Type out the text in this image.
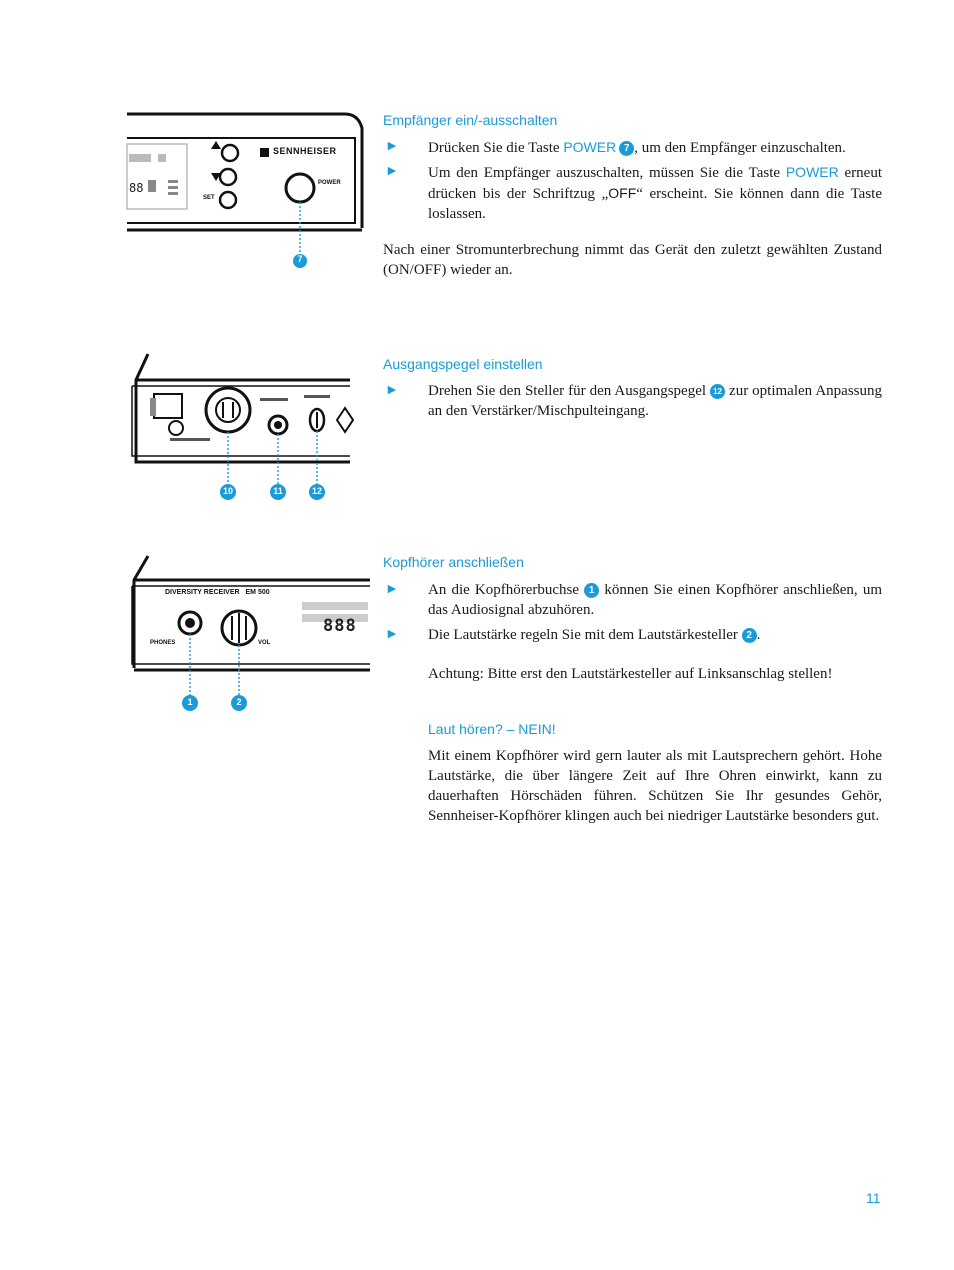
88
SENNHEISER
POWER
SET
7
Empfänger ein/-ausschalten
► Drücken Sie die Taste POWER  7 , um den Empfänger einzuschalten.
► Um den Empfänger auszuschalten, müssen Sie die Taste POWER erneut drücken bis der Schriftzug „OFF“ erscheint. Sie können dann die Taste loslassen.

Nach einer Stromunterbrechung nimmt das Gerät den zuletzt gewählten Zustand (ON/OFF) wieder an.

10	11	12
Ausgangspegel einstellen
► Drehen Sie den Steller für den Ausgangspegel 12 zur optimalen Anpassung an den Verstärker/Mischpulteingang.
DIVERSITY RECEIVER EM 500
PHONES	VOL
888
1	2
Kopfhörer anschließen
► An die Kopfhörerbuchse 1 können Sie einen Kopfhörer anschließen, um das Audiosignal abzuhören.
► Die Lautstärke regeln Sie mit dem Lautstärkesteller 2 .

Achtung: Bitte erst den Lautstärkesteller auf Linksanschlag stellen!

Laut hören? – NEIN!

Mit einem Kopfhörer wird gern lauter als mit Lautsprechern gehört. Hohe Lautstärke, die über längere Zeit auf Ihre Ohren einwirkt, kann zu dauerhaften Hörschäden führen. Schützen Sie Ihr gesundes Gehör, Sennheiser-Kopfhörer klingen auch bei niedriger Lautstärke besonders gut.

11
